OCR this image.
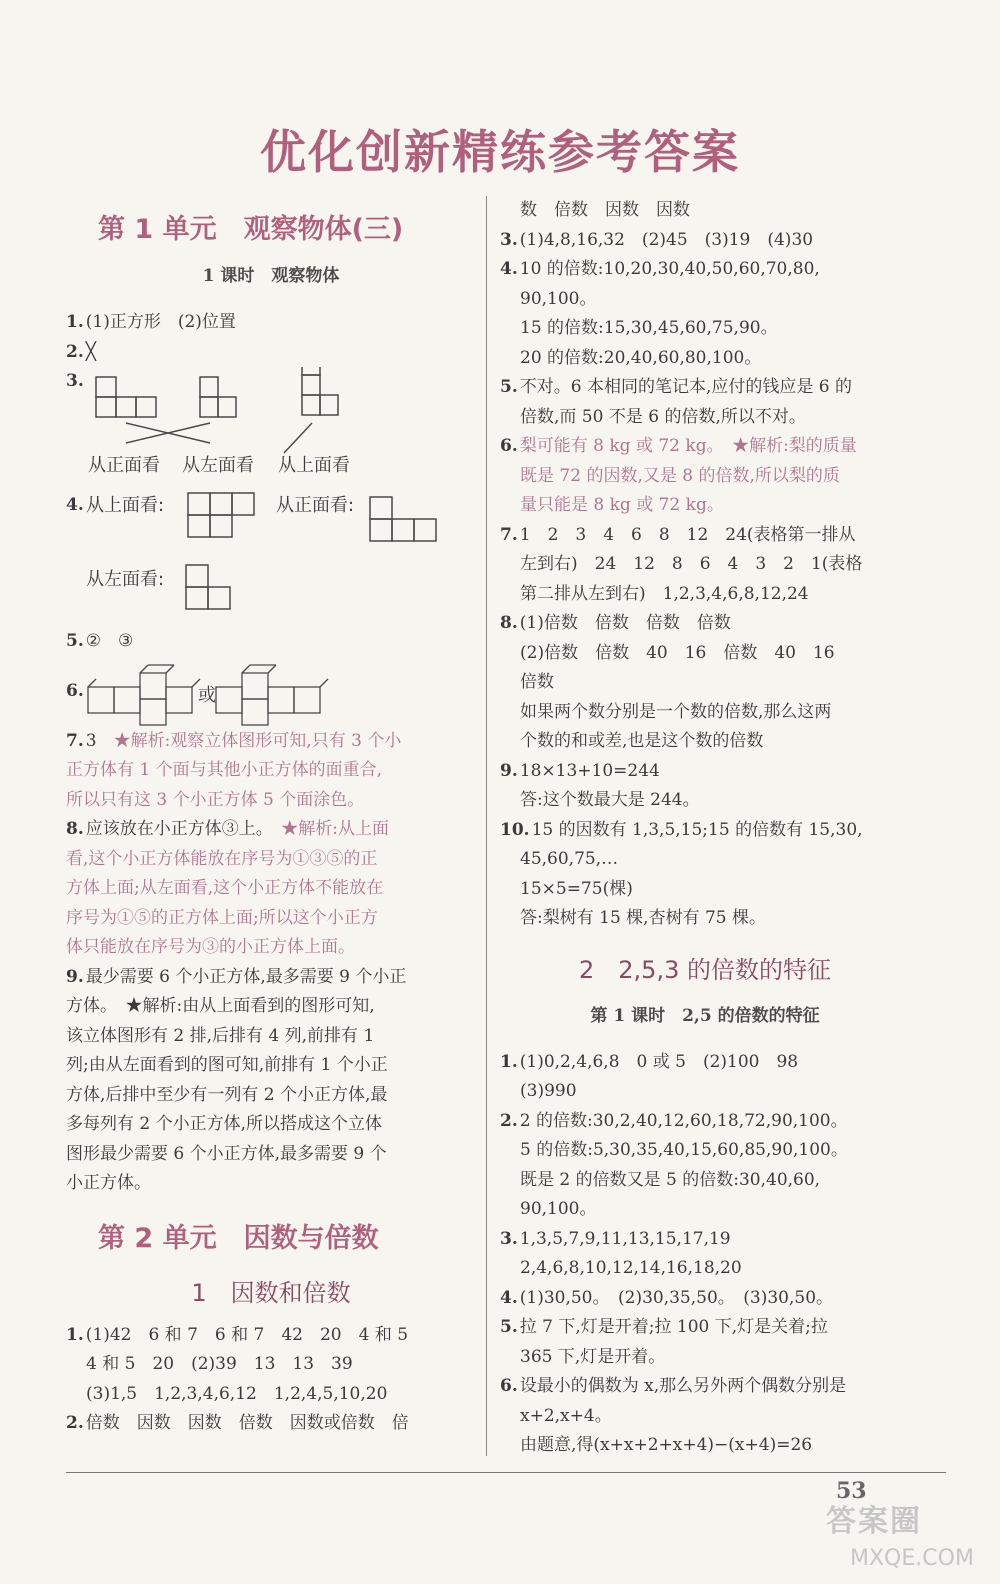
优化创新精练参考答案
第 1 单元　观察物体(三)
1 课时　观察物体

1. (1)正方形　(2)位置

2. ╳

3.
从正面看 从左面看 从上面看
4. 从上面看:	从正面看:
从左面看:

5. ②　③

6.	或

7. 3　★解析:观察立体图形可知,只有 3 个小

正方体有 1 个面与其他小正方体的面重合,

所以只有这 3 个小正方体 5 个面涂色。

8. 应该放在小正方体③上。　★解析:从上面

看,这个小正方体能放在序号为①③⑤的正

方体上面;从左面看,这个小正方体不能放在

序号为①⑤的正方体上面;所以这个小正方

体只能放在序号为③的小正方体上面。

9. 最少需要 6 个小正方体,最多需要 9 个小正

方体。　★解析:由从上面看到的图形可知,

该立体图形有 2 排,后排有 4 列,前排有 1

列;由从左面看到的图可知,前排有 1 个小正

方体,后排中至少有一列有 2 个小正方体,最

多每列有 2 个小正方体,所以搭成这个立体

图形最少需要 6 个小正方体,最多需要 9 个

小正方体。

第 2 单元　因数与倍数
1　因数和倍数

1. (1)42　6 和 7　6 和 7　42　20　4 和 5

4 和 5　20　(2)39　13　13　39

(3)1,5　1,2,3,4,6,12　1,2,4,5,10,20

2. 倍数　因数　因数　倍数　因数或倍数　倍

数　倍数　因数　因数

3. (1)4,8,16,32　(2)45　(3)19　(4)30

4. 10 的倍数:10,20,30,40,50,60,70,80,

90,100。

15 的倍数:15,30,45,60,75,90。

20 的倍数:20,40,60,80,100。

5. 不对。6 本相同的笔记本,应付的钱应是 6 的

倍数,而 50 不是 6 的倍数,所以不对。

6. 梨可能有 8 kg 或 72 kg。　★解析:梨的质量

既是 72 的因数,又是 8 的倍数,所以梨的质

量只能是 8 kg 或 72 kg。

7. 1　2　3　4　6　8　12　24(表格第一排从

左到右)　24　12　8　6　4　3　2　1(表格

第二排从左到右)　1,2,3,4,6,8,12,24

8. (1)倍数　倍数　倍数　倍数

(2)倍数　倍数　40　16　倍数　40　16

倍数

如果两个数分别是一个数的倍数,那么这两

个数的和或差,也是这个数的倍数

9. 18×13+10=244

答:这个数最大是 244。

10. 15 的因数有 1,3,5,15;15 的倍数有 15,30,

45,60,75,…

15×5=75(棵)

答:梨树有 15 棵,杏树有 75 棵。

2　2,5,3 的倍数的特征
第 1 课时　2,5 的倍数的特征

1. (1)0,2,4,6,8　0 或 5　(2)100　98

(3)990

2. 2 的倍数:30,2,40,12,60,18,72,90,100。

5 的倍数:5,30,35,40,15,60,85,90,100。

既是 2 的倍数又是 5 的倍数:30,40,60,

90,100。

3. 1,3,5,7,9,11,13,15,17,19

2,4,6,8,10,12,14,16,18,20

4. (1)30,50。　(2)30,35,50。　(3)30,50。

5. 拉 7 下,灯是开着;拉 100 下,灯是关着;拉

365 下,灯是开着。

6. 设最小的偶数为 x,那么另外两个偶数分别是

x+2,x+4。

由题意,得(x+x+2+x+4)−(x+4)=26

53
答案圈
MXQE.COM
